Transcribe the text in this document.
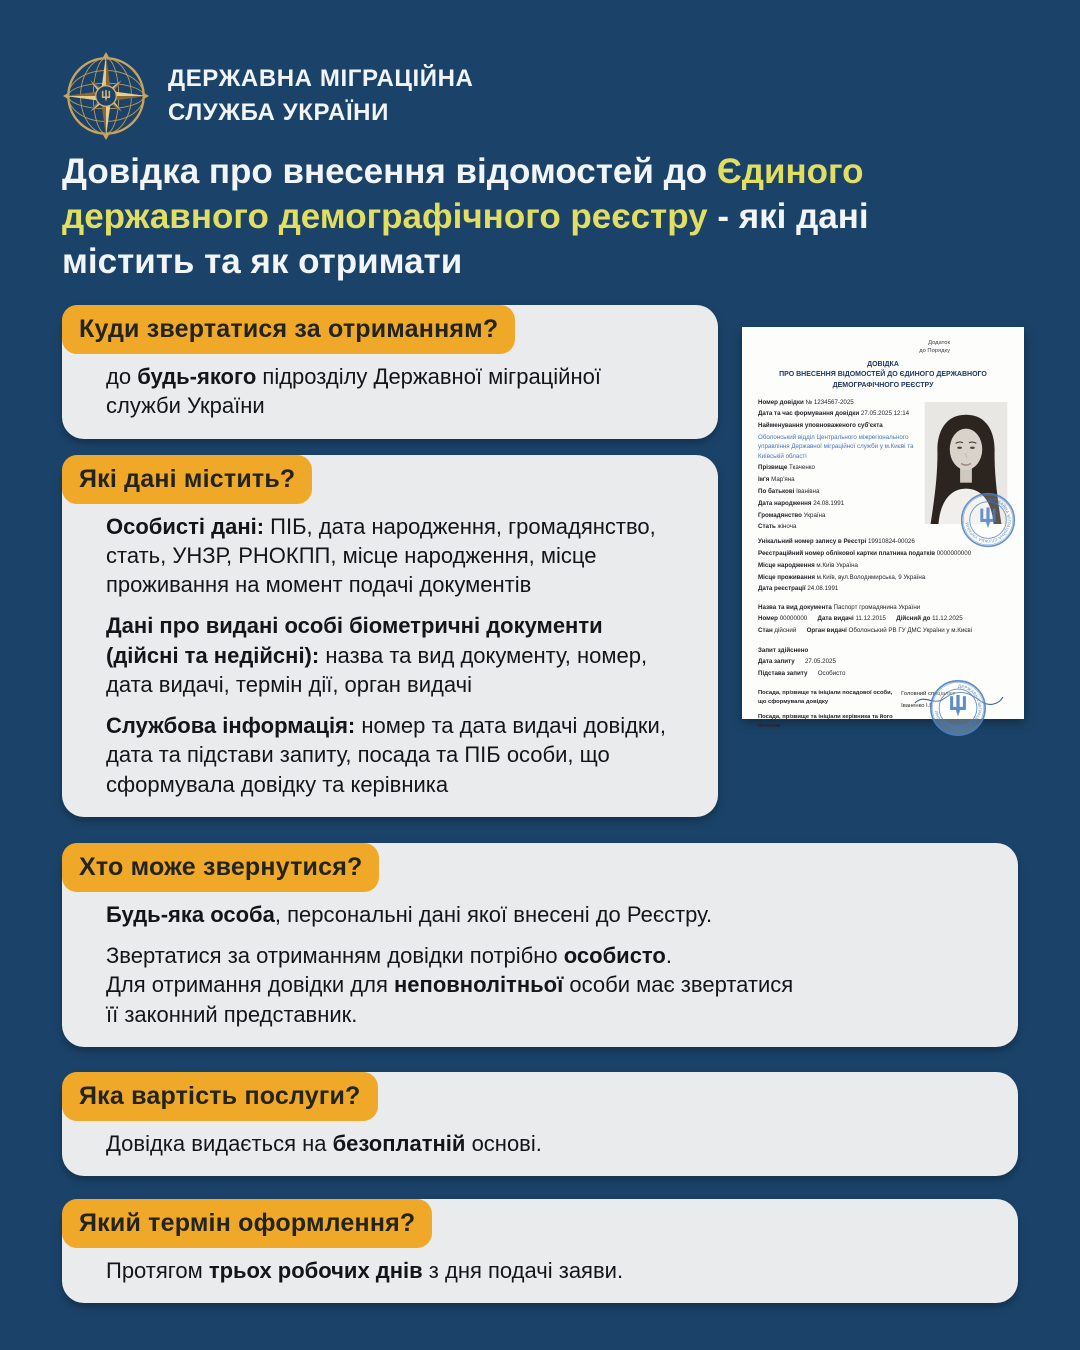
ДЕРЖАВНА МІГРАЦІЙНА
СЛУЖБА УКРАЇНИ

Довідка про внесення відомостей до Єдиного

державного демографічного реєстру - які дані

містить та як отримати

Куди звертатися за отриманням?

до будь-якого підрозділу Державної міграційної служби України

Які дані містить?

Особисті дані: ПІБ, дата народження, громадянство, стать, УНЗР, РНОКПП, місце народження, місце проживання на момент подачі документів

Дані про видані особі біометричні документи (дійсні та недійсні): назва та вид документу, номер, дата видачі, термін дії, орган видачі

Службова інформація: номер та дата видачі довідки, дата та підстави запиту, посада та ПІБ особи, що сформувала довідку та керівника

Хто може звернутися?

Будь-яка особа, персональні дані якої внесені до Реєстру.

Звертатися за отриманням довідки потрібно особисто.
Для отримання довідки для неповнолітньої особи має звертатися
її законний представник.

Яка вартість послуги?

Довідка видається на безоплатній основі.

Який термін оформлення?

Протягом трьох робочих днів з дня подачі заяви.

Додаток
до Порядку
ДОВІДКА
ПРО ВНЕСЕННЯ ВІДОМОСТЕЙ ДО ЄДИНОГО ДЕРЖАВНОГО ДЕМОГРАФІЧНОГО РЕЄСТРУ

Номер довідки № 1234567-2025

Дата та час формування довідки 27.05.2025 12:14

Найменування уповноваженого суб'єкта

Оболонський відділ Центрального міжрегіонального управління Державної міграційної служби у м.Києві та Київській області

Прізвище Ткаченко

Ім'я Мар'яна

По батькові Іванівна

Дата народження 24.08.1991

Громадянство Україна

Стать жіноча

ДЕРЖАВНА МІГРАЦІЙНА СЛУЖБА УКРАЇНИ

Унікальний номер запису в Реєстрі 19910824-00026

Реєстраційний номер облікової картки платника податків 0000000000

Місце народження м.Київ Україна

Місце проживання м.Київ, вул.Володимирська, 9 Україна

Дата реєстрації 24.08.1991

Назва та вид документа Паспорт громадянина України

Номер 00000000      Дата видачі 11.12.2015      Дійсний до 11.12.2025

Стан дійсний      Орган видачі Оболонський РВ ГУ ДМС України у м.Києві

Запит здійснено

Дата запиту      27.05.2025

Підстава запиту      Особисто

Посада, прізвище та ініціали посадової особи, що сформувала довідку

Посада, прізвище та ініціали керівника та його печатка

Головний спеціаліст

Іваненко І.І.

ДЕРЖАВНА МІГРАЦІЙНА СЛУЖБА УКРАЇНИ
